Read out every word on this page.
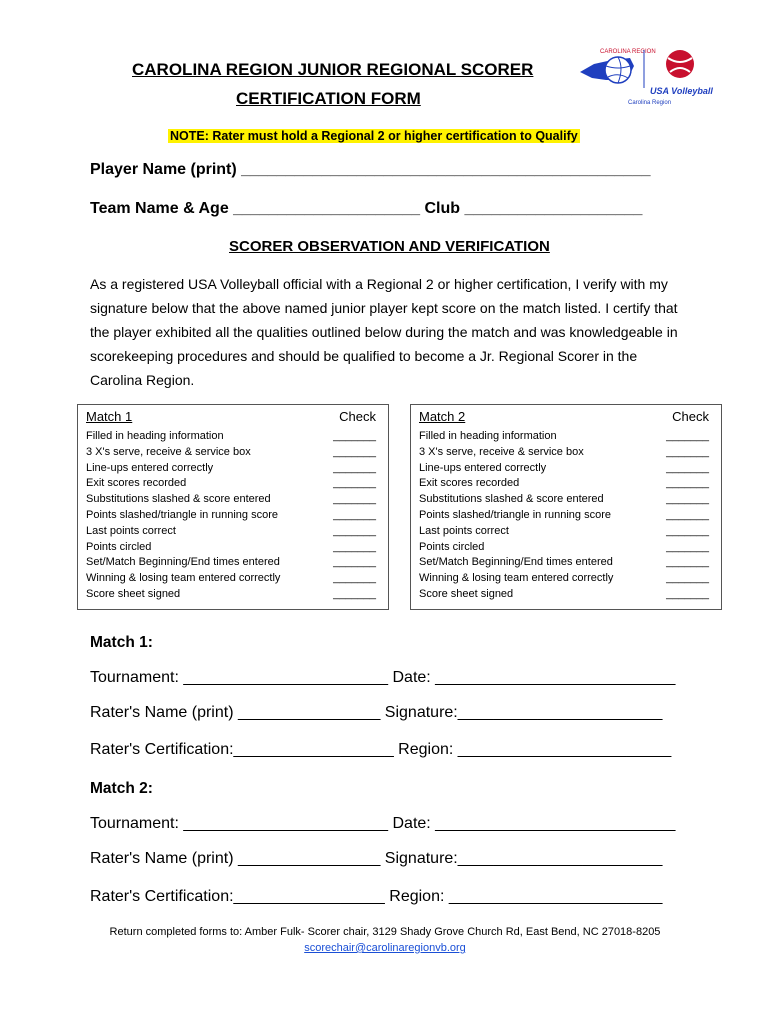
CAROLINA REGION JUNIOR REGIONAL SCORER
CERTIFICATION FORM
CAROLINA REGION
USA Volleyball
Carolina Region
NOTE: Rater must hold a Regional 2 or higher certification to Qualify
Player Name (print) ______________________________________________
Team Name & Age _____________________ Club ____________________
SCORER OBSERVATION AND VERIFICATION
As a registered USA Volleyball official with a Regional 2 or higher certification, I verify with my signature below that the above named junior player kept score on the match listed. I certify that the player exhibited all the qualities outlined below during the match and was knowledgeable in scorekeeping procedures and should be qualified to become a Jr. Regional Scorer in the Carolina Region.
Match 1	Check
Filled in heading information	_______
3 X's serve, receive & service box	_______
Line-ups entered correctly	_______
Exit scores recorded	_______
Substitutions slashed & score entered	_______
Points slashed/triangle in running score	_______
Last points correct	_______
Points circled	_______
Set/Match Beginning/End times entered	_______
Winning & losing team entered correctly	_______
Score sheet signed	_______
Match 2	Check
Filled in heading information	_______
3 X's serve, receive & service box	_______
Line-ups entered correctly	_______
Exit scores recorded	_______
Substitutions slashed & score entered	_______
Points slashed/triangle in running score	_______
Last points correct	_______
Points circled	_______
Set/Match Beginning/End times entered	_______
Winning & losing team entered correctly	_______
Score sheet signed	_______
Match 1:
Tournament: _______________________ Date: ___________________________
Rater's Name (print) ________________ Signature:_______________________
Rater's Certification:__________________ Region: ________________________
Match 2:
Tournament: _______________________ Date: ___________________________
Rater's Name (print) ________________ Signature:_______________________
Rater's Certification:_________________ Region: ________________________
Return completed forms to: Amber Fulk- Scorer chair, 3129 Shady Grove Church Rd, East Bend, NC 27018-8205
scorechair@carolinaregionvb.org
